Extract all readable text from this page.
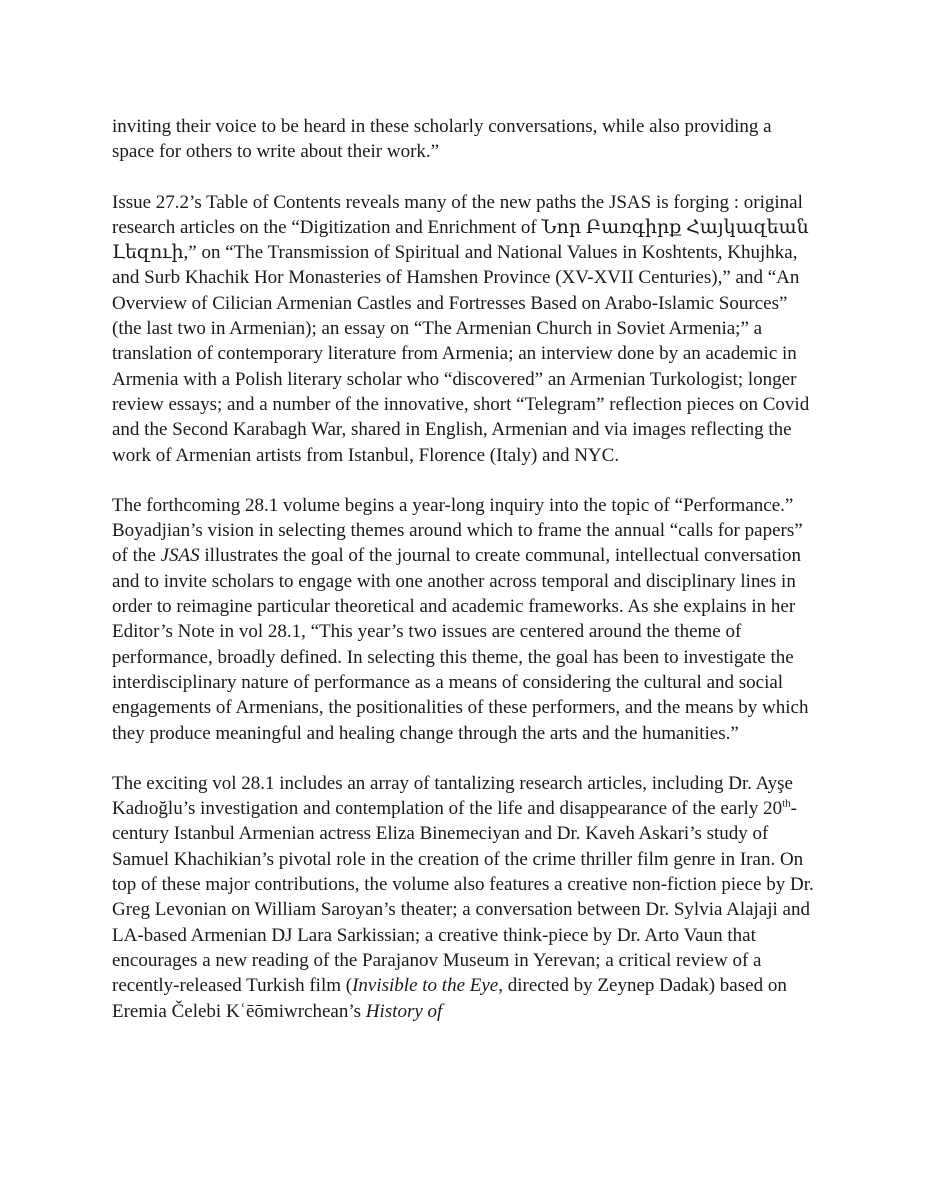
inviting their voice to be heard in these scholarly conversations, while also providing a space for others to write about their work.”

Issue 27.2’s Table of Contents reveals many of the new paths the JSAS is forging : original research articles on the “Digitization and Enrichment of Նոր Բառգիրք Հայկազեան Լեզուի,” on “The Transmission of Spiritual and National Values in Koshtents, Khujhka, and Surb Khachik Hor Monasteries of Hamshen Province (XV-XVII Centuries),” and “An Overview of Cilician Armenian Castles and Fortresses Based on Arabo-Islamic Sources” (the last two in Armenian); an essay on “The Armenian Church in Soviet Armenia;” a translation of contemporary literature from Armenia; an interview done by an academic in Armenia with a Polish literary scholar who “discovered” an Armenian Turkologist; longer review essays; and a number of the innovative, short “Telegram” reflection pieces on Covid and the Second Karabagh War, shared in English, Armenian and via images reflecting the work of Armenian artists from Istanbul, Florence (Italy) and NYC.

The forthcoming 28.1 volume begins a year-long inquiry into the topic of “Performance.” Boyadjian’s vision in selecting themes around which to frame the annual “calls for papers” of the JSAS illustrates the goal of the journal to create communal, intellectual conversation and to invite scholars to engage with one another across temporal and disciplinary lines in order to reimagine particular theoretical and academic frameworks. As she explains in her Editor’s Note in vol 28.1, “This year’s two issues are centered around the theme of performance, broadly defined. In selecting this theme, the goal has been to investigate the interdisciplinary nature of performance as a means of considering the cultural and social engagements of Armenians, the positionalities of these performers, and the means by which they produce meaningful and healing change through the arts and the humanities.”

The exciting vol 28.1 includes an array of tantalizing research articles, including Dr. Ayşe Kadıoğlu’s investigation and contemplation of the life and disappearance of the early 20th-century Istanbul Armenian actress Eliza Binemeciyan and Dr. Kaveh Askari’s study of Samuel Khachikian’s pivotal role in the creation of the crime thriller film genre in Iran. On top of these major contributions, the volume also features a creative non-fiction piece by Dr. Greg Levonian on William Saroyan’s theater; a conversation between Dr. Sylvia Alajaji and LA-based Armenian DJ Lara Sarkissian; a creative think-piece by Dr. Arto Vaun that encourages a new reading of the Parajanov Museum in Yerevan; a critical review of a recently-released Turkish film (Invisible to the Eye, directed by Zeynep Dadak) based on Eremia Čelebi Kʿēōmiwrchean’s History of
